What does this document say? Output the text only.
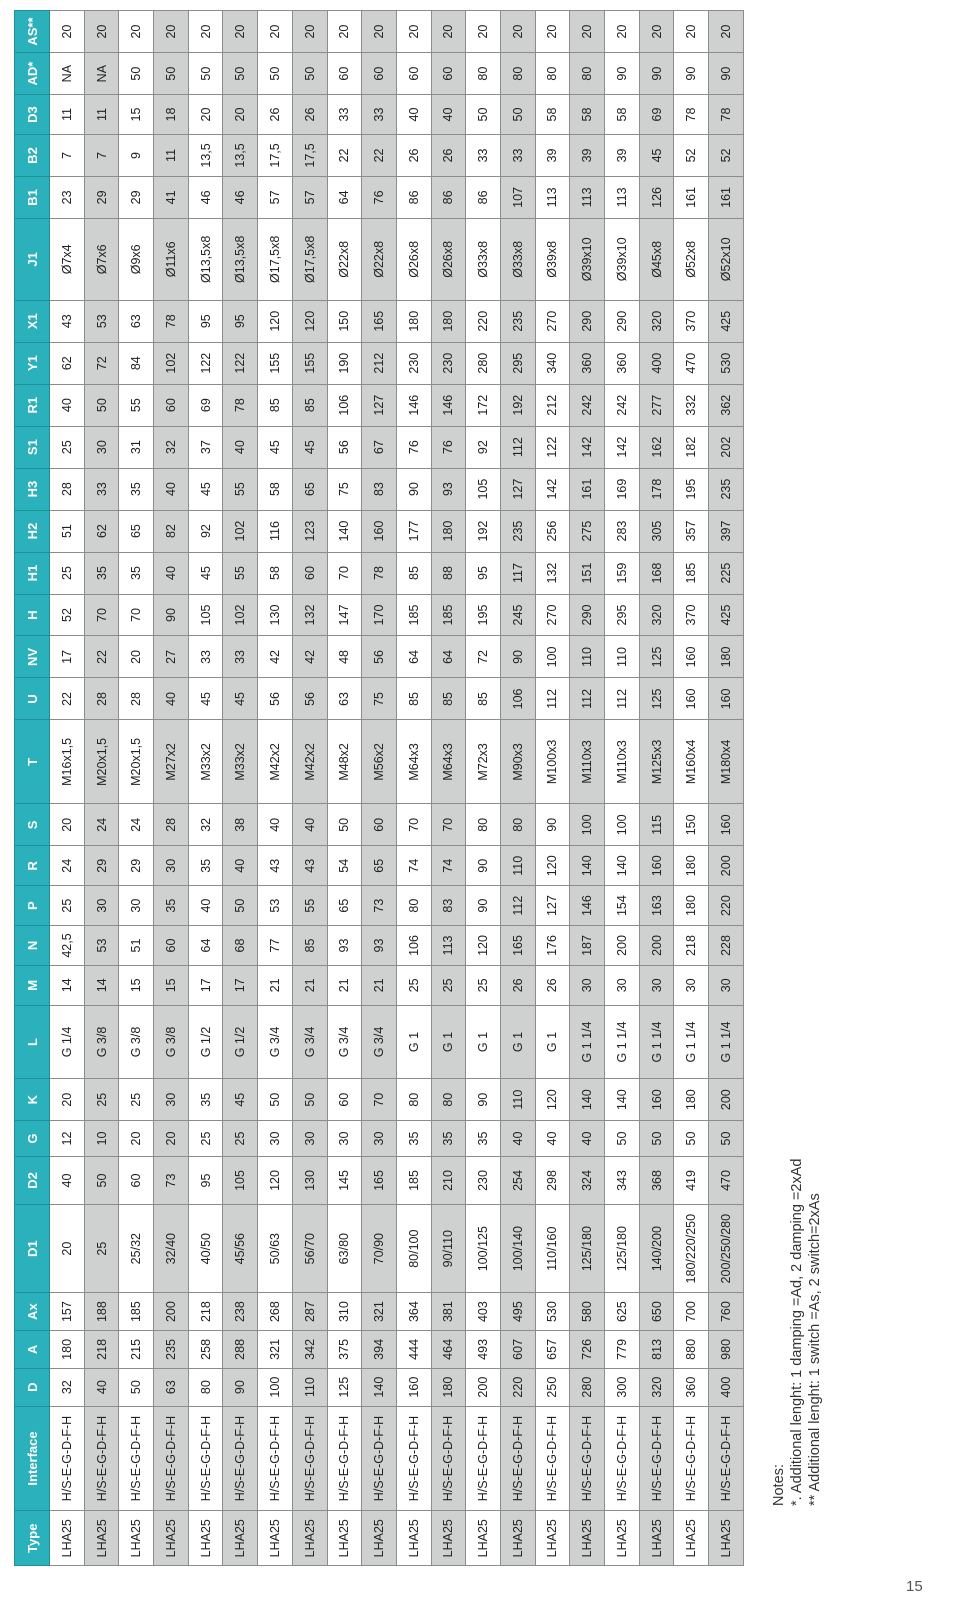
Type	Interface	D	A	Ax	D1	D2	G	K	L	M	N	P	R	S	T	U	NV	H	H1	H2	H3	S1	R1	Y1	X1	J1	B1	B2	D3	AD*	AS**
LHA25	H/S-E-G-D-F-H	32	180	157	20	40	12	20	G 1/4	14	42,5	25	24	20	M16x1,5	22	17	52	25	51	28	25	40	62	43	Ø7x4	23	7	11	NA	20
LHA25	H/S-E-G-D-F-H	40	218	188	25	50	10	25	G 3/8	14	53	30	29	24	M20x1,5	28	22	70	35	62	33	30	50	72	53	Ø7x6	29	7	11	NA	20
LHA25	H/S-E-G-D-F-H	50	215	185	25/32	60	20	25	G 3/8	15	51	30	29	24	M20x1,5	28	20	70	35	65	35	31	55	84	63	Ø9x6	29	9	15	50	20
LHA25	H/S-E-G-D-F-H	63	235	200	32/40	73	20	30	G 3/8	15	60	35	30	28	M27x2	40	27	90	40	82	40	32	60	102	78	Ø11x6	41	11	18	50	20
LHA25	H/S-E-G-D-F-H	80	258	218	40/50	95	25	35	G 1/2	17	64	40	35	32	M33x2	45	33	105	45	92	45	37	69	122	95	Ø13,5x8	46	13,5	20	50	20
LHA25	H/S-E-G-D-F-H	90	288	238	45/56	105	25	45	G 1/2	17	68	50	40	38	M33x2	45	33	102	55	102	55	40	78	122	95	Ø13,5x8	46	13,5	20	50	20
LHA25	H/S-E-G-D-F-H	100	321	268	50/63	120	30	50	G 3/4	21	77	53	43	40	M42x2	56	42	130	58	116	58	45	85	155	120	Ø17,5x8	57	17,5	26	50	20
LHA25	H/S-E-G-D-F-H	110	342	287	56/70	130	30	50	G 3/4	21	85	55	43	40	M42x2	56	42	132	60	123	65	45	85	155	120	Ø17,5x8	57	17,5	26	50	20
LHA25	H/S-E-G-D-F-H	125	375	310	63/80	145	30	60	G 3/4	21	93	65	54	50	M48x2	63	48	147	70	140	75	56	106	190	150	Ø22x8	64	22	33	60	20
LHA25	H/S-E-G-D-F-H	140	394	321	70/90	165	30	70	G 3/4	21	93	73	65	60	M56x2	75	56	170	78	160	83	67	127	212	165	Ø22x8	76	22	33	60	20
LHA25	H/S-E-G-D-F-H	160	444	364	80/100	185	35	80	G 1	25	106	80	74	70	M64x3	85	64	185	85	177	90	76	146	230	180	Ø26x8	86	26	40	60	20
LHA25	H/S-E-G-D-F-H	180	464	381	90/110	210	35	80	G 1	25	113	83	74	70	M64x3	85	64	185	88	180	93	76	146	230	180	Ø26x8	86	26	40	60	20
LHA25	H/S-E-G-D-F-H	200	493	403	100/125	230	35	90	G 1	25	120	90	90	80	M72x3	85	72	195	95	192	105	92	172	280	220	Ø33x8	86	33	50	80	20
LHA25	H/S-E-G-D-F-H	220	607	495	100/140	254	40	110	G 1	26	165	112	110	80	M90x3	106	90	245	117	235	127	112	192	295	235	Ø33x8	107	33	50	80	20
LHA25	H/S-E-G-D-F-H	250	657	530	110/160	298	40	120	G 1	26	176	127	120	90	M100x3	112	100	270	132	256	142	122	212	340	270	Ø39x8	113	39	58	80	20
LHA25	H/S-E-G-D-F-H	280	726	580	125/180	324	40	140	G 1 1/4	30	187	146	140	100	M110x3	112	110	290	151	275	161	142	242	360	290	Ø39x10	113	39	58	80	20
LHA25	H/S-E-G-D-F-H	300	779	625	125/180	343	50	140	G 1 1/4	30	200	154	140	100	M110x3	112	110	295	159	283	169	142	242	360	290	Ø39x10	113	39	58	90	20
LHA25	H/S-E-G-D-F-H	320	813	650	140/200	368	50	160	G 1 1/4	30	200	163	160	115	M125x3	125	125	320	168	305	178	162	277	400	320	Ø45x8	126	45	69	90	20
LHA25	H/S-E-G-D-F-H	360	880	700	180/220/250	419	50	180	G 1 1/4	30	218	180	180	150	M160x4	160	160	370	185	357	195	182	332	470	370	Ø52x8	161	52	78	90	20
LHA25	H/S-E-G-D-F-H	400	980	760	200/250/280	470	50	200	G 1 1/4	30	228	220	200	160	M180x4	160	180	425	225	397	235	202	362	530	425	Ø52x10	161	52	78	90	20
Notes: *. Additional lenght: 1 damping =Ad, 2 damping =2xAd ** Additional lenght: 1 switch =As, 2 switch=2xAs
15
